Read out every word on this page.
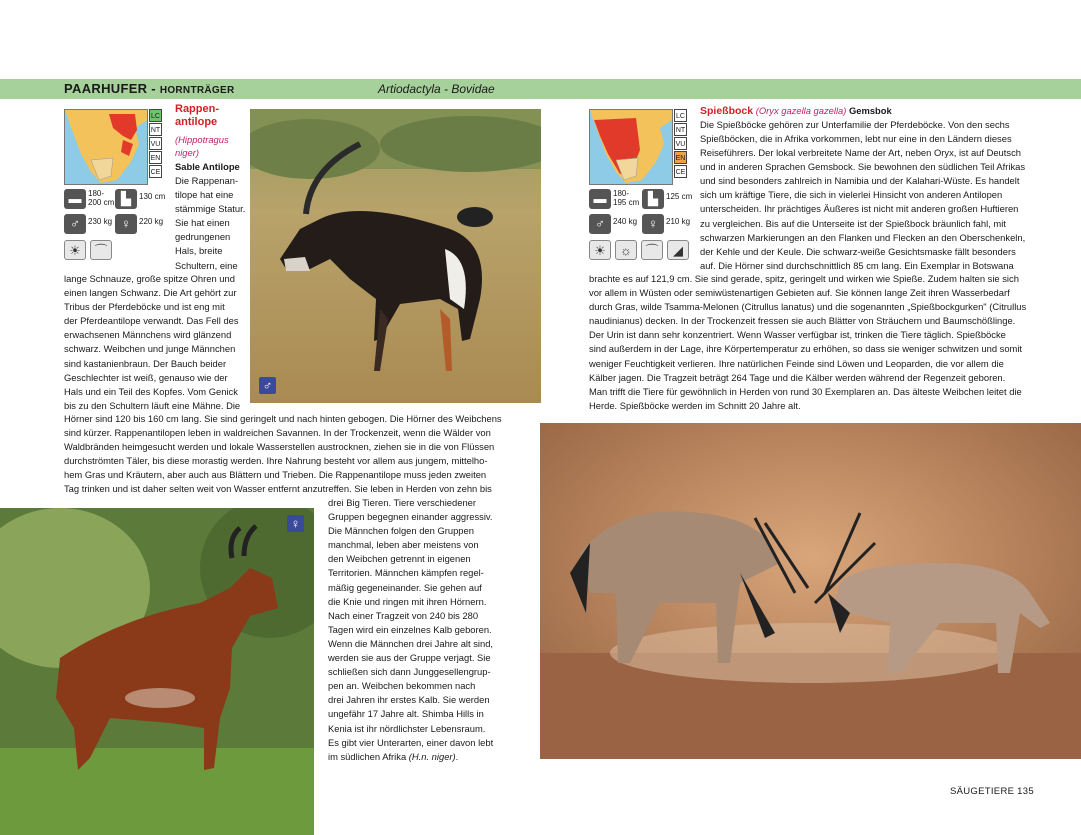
PAARHUFER - HORNTRÄGER	Artiodactyla - Bovidae
LC
NT
VU
EN
CE
▬ 180-
200 cm ▙	130 cm
♂	230 kg ♀	220 kg
☀	⌒
Rappen-
antilope
(Hippotragus
niger)
Sable Antilope
Die Rappenan-
tilope hat eine
stämmige Statur.
Sie hat einen
gedrungenen
Hals, breite
Schultern, eine
lange Schnauze, große spitze Ohren und
einen langen Schwanz. Die Art gehört zur
Tribus der Pferdeböcke und ist eng mit
der Pferdeantilope verwandt. Das Fell des
erwachsenen Männchens wird glänzend
schwarz. Weibchen und junge Männchen
sind kastanienbraun. Der Bauch beider
Geschlechter ist weiß, genauso wie der
Hals und ein Teil des Kopfes. Vom Genick
bis zu den Schultern läuft eine Mähne. Die
Hörner sind 120 bis 160 cm lang. Sie sind geringelt und nach hinten gebogen. Die Hörner des Weibchens
sind kürzer. Rappenantilopen leben in waldreichen Savannen. In der Trockenzeit, wenn die Wälder von
Waldbränden heimgesucht werden und lokale Wasserstellen austrocknen, ziehen sie in die von Flüssen
durchströmten Täler, bis diese morastig werden. Ihre Nahrung besteht vor allem aus jungem, mittelho-
hem Gras und Kräutern, aber auch aus Blättern und Trieben. Die Rappenantilope muss jeden zweiten
Tag trinken und ist daher selten weit von Wasser entfernt anzutreffen. Sie leben in Herden von zehn bis
drei Big Tieren. Tiere verschiedener
Gruppen begegnen einander aggressiv.
Die Männchen folgen den Gruppen
manchmal, leben aber meistens von
den Weibchen getrennt in eigenen
Territorien. Männchen kämpfen regel-
mäßig gegeneinander. Sie gehen auf
die Knie und ringen mit ihren Hörnern.
Nach einer Tragzeit von 240 bis 280
Tagen wird ein einzelnes Kalb geboren.
Wenn die Männchen drei Jahre alt sind,
werden sie aus der Gruppe verjagt. Sie
schließen sich dann Junggesellengrup-
pen an. Weibchen bekommen nach
drei Jahren ihr erstes Kalb. Sie werden
ungefähr 17 Jahre alt. Shimba Hills in
Kenia ist ihr nördlichster Lebensraum.
Es gibt vier Unterarten, einer davon lebt
im südlichen Afrika (H.n. niger).
♂
♀
LC
NT
VU
EN
CE
▬ 180-
195 cm ▙	125 cm
♂	240 kg ♀	210 kg
☀	☼	⌒	◢
Spießbock (Oryx gazella gazella) Gemsbok
Die Spießböcke gehören zur Unterfamilie der Pferdeböcke. Von den sechs
Spießböcken, die in Afrika vorkommen, lebt nur eine in den Ländern dieses
Reiseführers. Der lokal verbreitete Name der Art, neben Oryx, ist auf Deutsch
und in anderen Sprachen Gemsbock. Sie bewohnen den südlichen Teil Afrikas
und sind besonders zahlreich in Namibia und der Kalahari-Wüste. Es handelt
sich um kräftige Tiere, die sich in vielerlei Hinsicht von anderen Antilopen
unterscheiden. Ihr prächtiges Äußeres ist nicht mit anderen großen Huftieren
zu vergleichen. Bis auf die Unterseite ist der Spießbock bräunlich fahl, mit
schwarzen Markierungen an den Flanken und Flecken an den Oberschenkeln,
der Kehle und der Keule. Die schwarz-weiße Gesichtsmaske fällt besonders
auf. Die Hörner sind durchschnittlich 85 cm lang. Ein Exemplar in Botswana
brachte es auf 121,9 cm. Sie sind gerade, spitz, geringelt und wirken wie Spieße. Zudem halten sie sich
vor allem in Wüsten oder semiwüstenartigen Gebieten auf. Sie können lange Zeit ihren Wasserbedarf
durch Gras, wilde Tsamma-Melonen (Citrullus lanatus) und die sogenannten „Spießbockgurken" (Citrullus
naudinianus) decken. In der Trockenzeit fressen sie auch Blätter von Sträuchern und Baumschößlinge.
Der Urin ist dann sehr konzentriert. Wenn Wasser verfügbar ist, trinken die Tiere täglich. Spießböcke
sind außerdem in der Lage, ihre Körpertemperatur zu erhöhen, so dass sie weniger schwitzen und somit
weniger Feuchtigkeit verlieren. Ihre natürlichen Feinde sind Löwen und Leoparden, die vor allem die
Kälber jagen. Die Tragzeit beträgt 264 Tage und die Kälber werden während der Regenzeit geboren.
Man trifft die Tiere für gewöhnlich in Herden von rund 30 Exemplaren an. Das älteste Weibchen leitet die
Herde. Spießböcke werden im Schnitt 20 Jahre alt.
SÄUGETIERE 135
